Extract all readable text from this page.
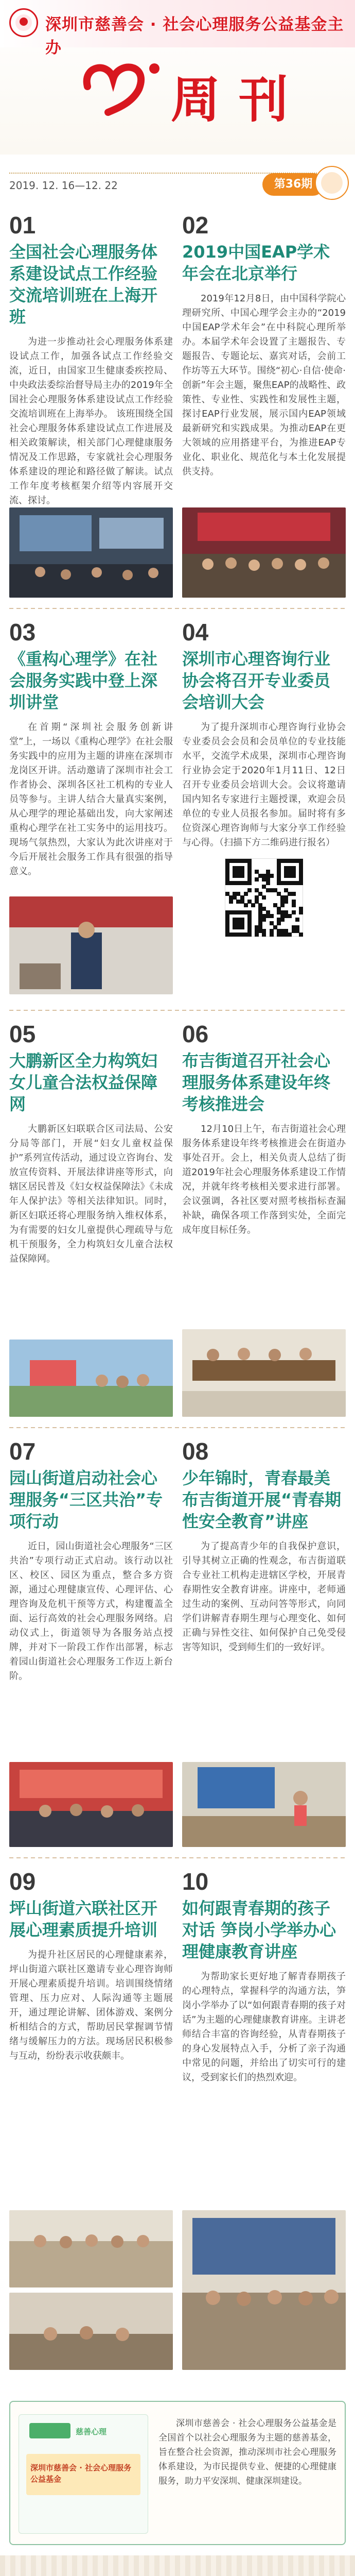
深圳市慈善会 · 社会心理服务公益基金主办
周刊
2019. 12. 16—12. 22	第36期
01
全国社会心理服务体系建设试点工作经验交流培训班在上海开班
为进一步推动社会心理服务体系建设试点工作，加强各试点工作经验交流，近日，由国家卫生健康委疾控局、中央政法委综治督导局主办的2019年全国社会心理服务体系建设试点工作经验交流培训班在上海举办。 该班围绕全国社会心理服务体系建设试点工作进展及相关政策解读，相关部门心理健康服务情况及工作思路，专家就社会心理服务体系建设的理论和路径做了解读。试点工作年度考核框架介绍等内容展开交流、探讨。
02
2019中国EAP学术年会在北京举行
2019年12月8日，由中国科学院心理研究所、中国心理学会主办的“2019中国EAP学术年会”在中科院心理所举办。本届学术年会设置了主题报告、专题报告、专题论坛、嘉宾对话，会前工作坊等五大环节。围绕“初心·自信·使命·创新”年会主题，聚焦EAP的战略性、政策性、专业性、实践性和发展性主题，探讨EAP行业发展，展示国内EAP领域最新研究和实践成果。为推动EAP在更大领域的应用搭建平台，为推进EAP专业化、职业化、规范化与本土化发展提供支持。
03
《重构心理学》在社会服务实践中登上深圳讲堂
在首期“深圳社会服务创新讲堂”上，一场以《重构心理学》在社会服务实践中的应用为主题的讲座在深圳市龙岗区开讲。活动邀请了深圳市社会工作者协会、深圳各区社工机构的专业人员等参与。主讲人结合大量真实案例，从心理学的理论基础出发，向大家阐述重构心理学在社工实务中的运用技巧。现场气氛热烈，大家认为此次讲座对于今后开展社会服务工作具有很强的指导意义。
04
深圳市心理咨询行业协会将召开专业委员会培训大会
为了提升深圳市心理咨询行业协会专业委员会会员和会员单位的专业技能水平，交流学术成果，深圳市心理咨询行业协会定于2020年1月11日、12日召开专业委员会培训大会。会议将邀请国内知名专家进行主题授课，欢迎会员单位的专业人员报名参加。届时将有多位资深心理咨询师与大家分享工作经验与心得。（扫描下方二维码进行报名）
05
大鹏新区全力构筑妇女儿童合法权益保障网
大鹏新区妇联联合区司法局、公安分局等部门，开展“妇女儿童权益保护”系列宣传活动，通过设立咨询台、发放宣传资料、开展法律讲座等形式，向辖区居民普及《妇女权益保障法》《未成年人保护法》等相关法律知识。同时，新区妇联还将心理服务纳入维权体系，为有需要的妇女儿童提供心理疏导与危机干预服务，全力构筑妇女儿童合法权益保障网。
06
布吉街道召开社会心理服务体系建设年终考核推进会
12月10日上午，布吉街道社会心理服务体系建设年终考核推进会在街道办事处召开。会上，相关负责人总结了街道2019年社会心理服务体系建设工作情况，并就年终考核相关要求进行部署。会议强调，各社区要对照考核指标查漏补缺，确保各项工作落到实处，全面完成年度目标任务。
07
园山街道启动社会心理服务“三区共治”专项行动
近日，园山街道社会心理服务“三区共治”专项行动正式启动。该行动以社区、校区、园区为重点，整合多方资源，通过心理健康宣传、心理评估、心理咨询及危机干预等方式，构建覆盖全面、运行高效的社会心理服务网络。启动仪式上，街道领导为各服务站点授牌，并对下一阶段工作作出部署，标志着园山街道社会心理服务工作迈上新台阶。
08
少年锦时，青春最美 布吉街道开展“青春期性安全教育”讲座
为了提高青少年的自我保护意识，引导其树立正确的性观念，布吉街道联合专业社工机构走进辖区学校，开展青春期性安全教育讲座。讲座中，老师通过生动的案例、互动问答等形式，向同学们讲解青春期生理与心理变化、如何正确与异性交往、如何保护自己免受侵害等知识，受到师生们的一致好评。
09
坪山街道六联社区开展心理素质提升培训
为提升社区居民的心理健康素养，坪山街道六联社区邀请专业心理咨询师开展心理素质提升培训。培训围绕情绪管理、压力应对、人际沟通等主题展开，通过理论讲解、团体游戏、案例分析相结合的方式，帮助居民掌握调节情绪与缓解压力的方法。现场居民积极参与互动，纷纷表示收获颇丰。
10
如何跟青春期的孩子对话 笋岗小学举办心理健康教育讲座
为帮助家长更好地了解青春期孩子的心理特点，掌握科学的沟通方法，笋岗小学举办了以“如何跟青春期的孩子对话”为主题的心理健康教育讲座。主讲老师结合丰富的咨询经验，从青春期孩子的身心发展特点入手，分析了亲子沟通中常见的问题，并给出了切实可行的建议，受到家长们的热烈欢迎。
慈善心理
深圳市慈善会 · 社会心理服务公益基金
深圳市慈善会 · 社会心理服务公益基金是全国首个以社会心理服务为主题的慈善基金，旨在整合社会资源，推动深圳市社会心理服务体系建设，为市民提供专业、便捷的心理健康服务，助力平安深圳、健康深圳建设。
